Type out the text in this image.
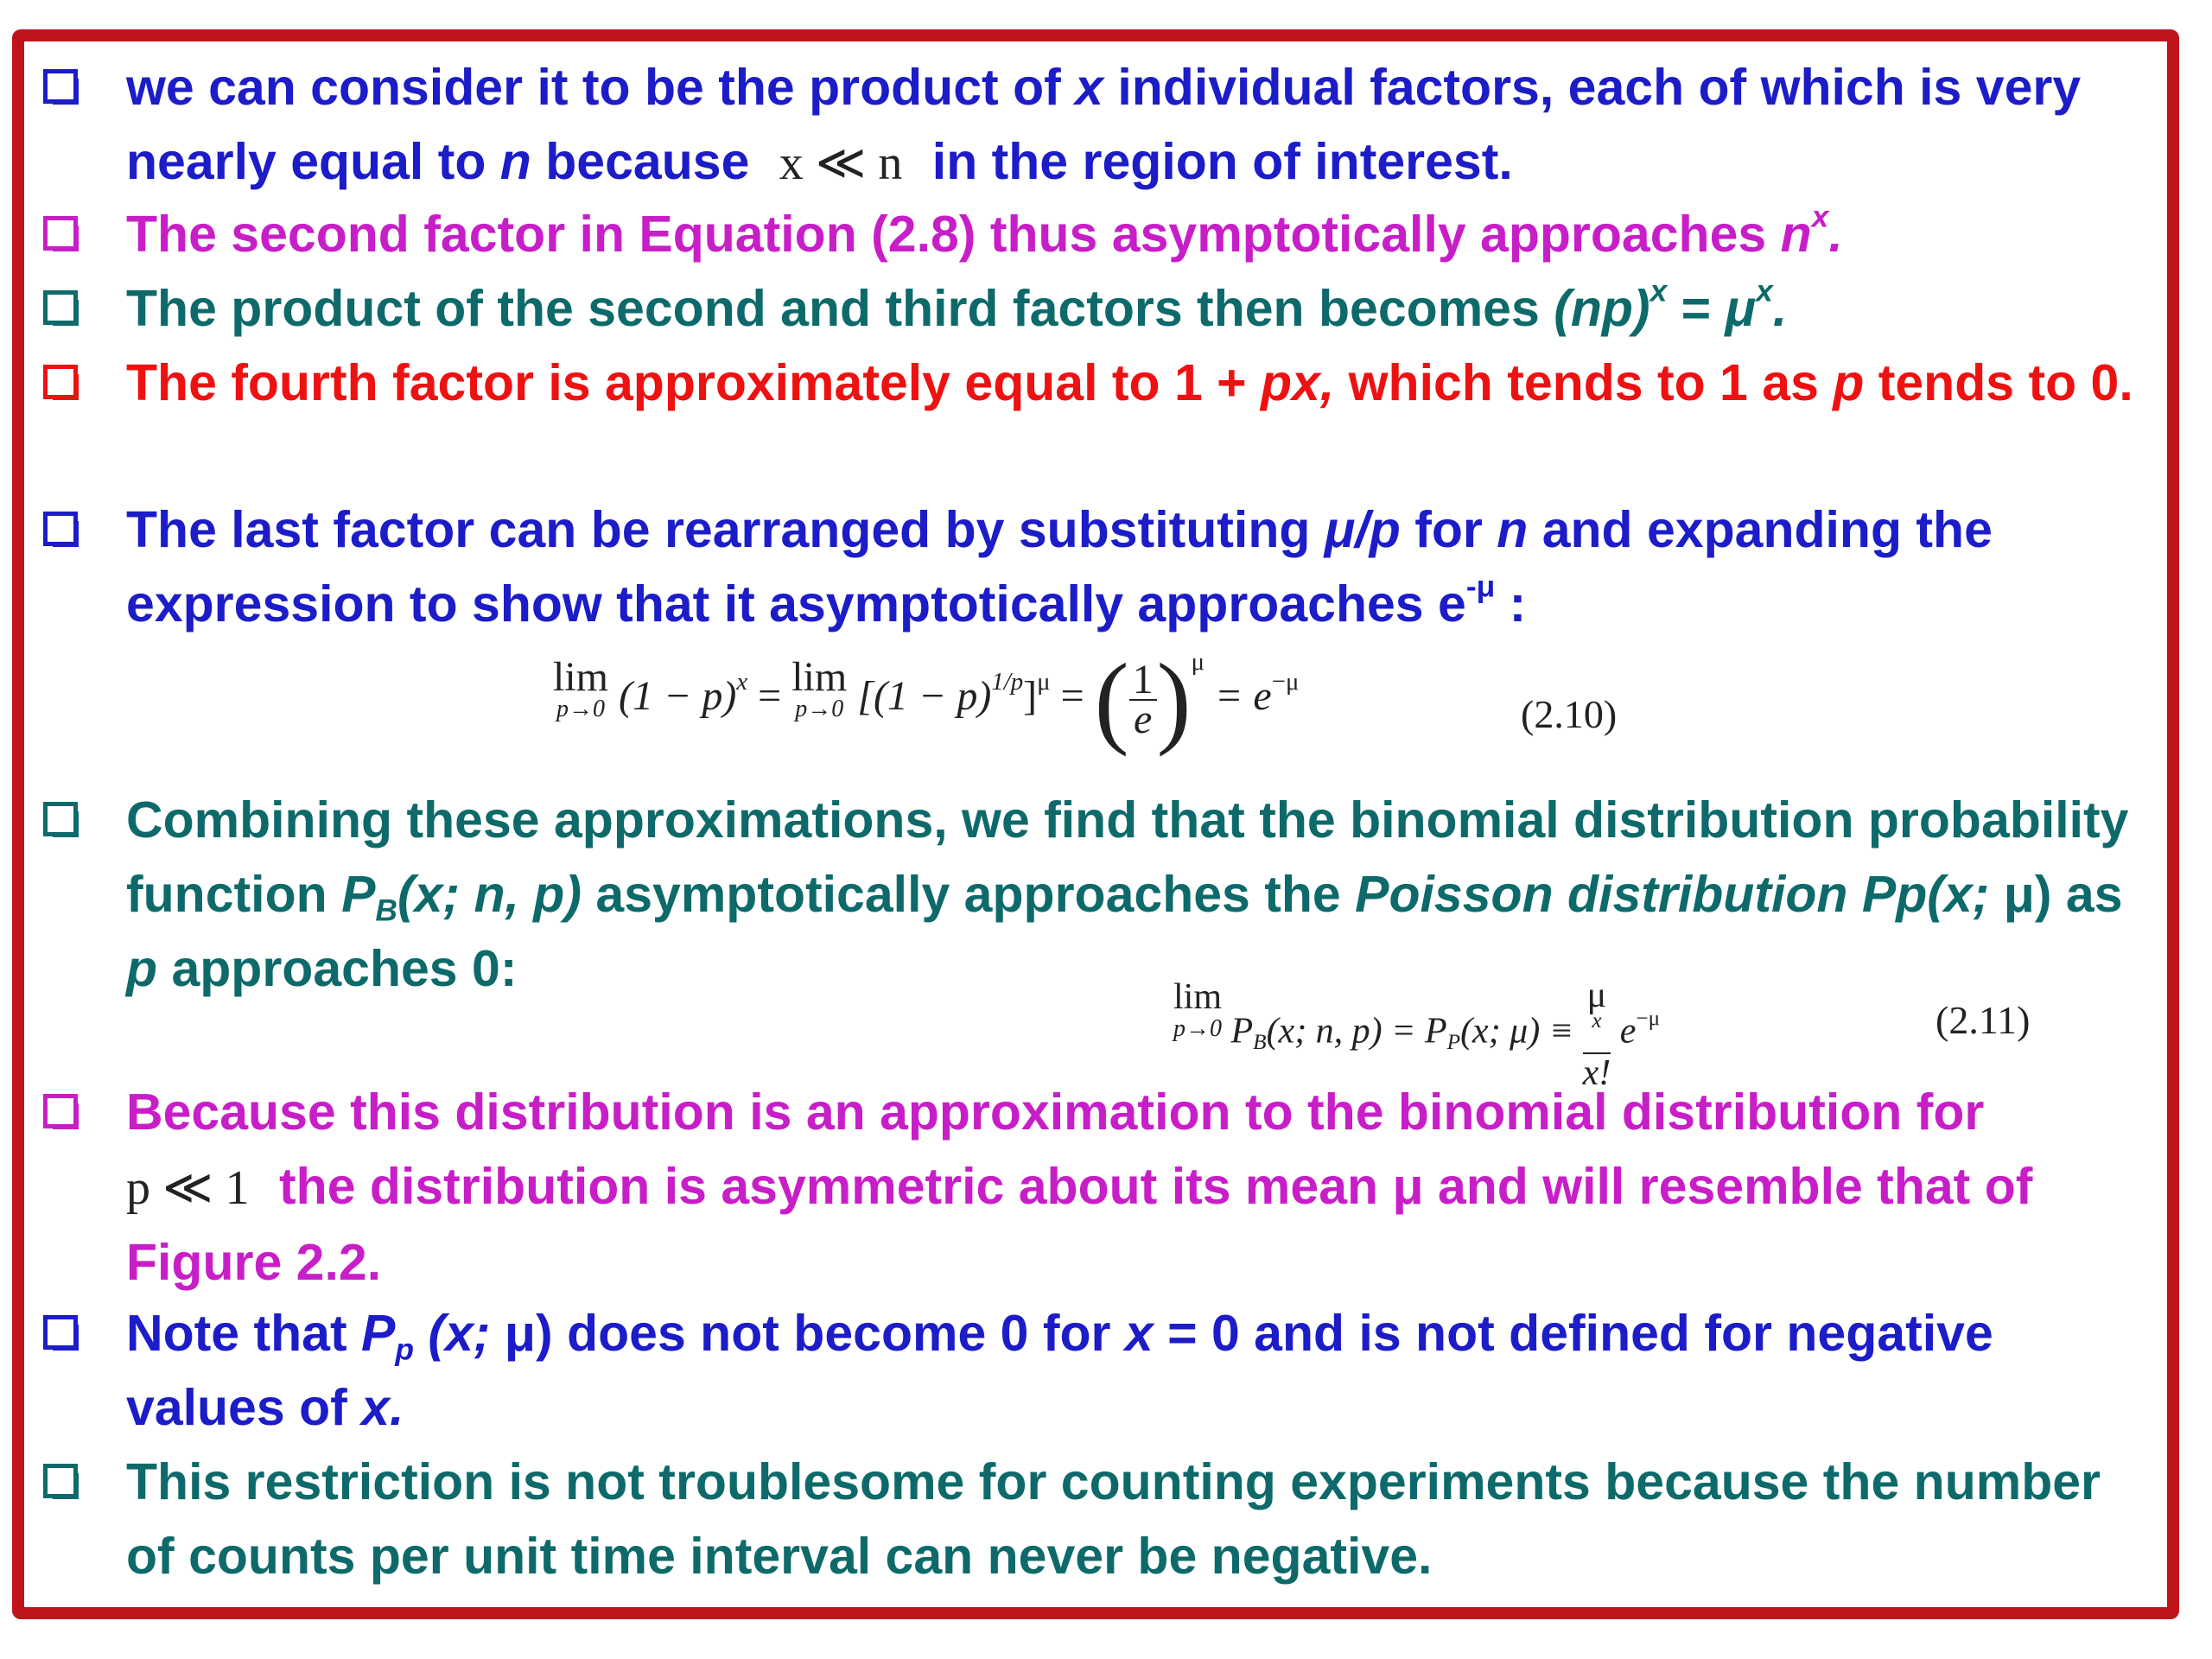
we can consider it to be the product of x individual factors, each of which is very nearly equal to n because x ≪ n in the region of interest.
The second factor in Equation (2.8) thus asymptotically approaches $n^x$.
The product of the second and third factors then becomes $(np)^x = \mu^x$.
The fourth factor is approximately equal to 1 + px, which tends to 1 as p tends to 0.
The last factor can be rearranged by substituting μ/p for n and expanding the expression to show that it asymptotically approaches $e^{-\mu}$ :
lim
p→0 $(1 - p)^x = \lim$
p→0 $[(1 - p)^{1/p}]^\mu$ = ( $\frac{1}{e} )^\mu = e^{-\mu}$
(2.10)
Combining these approximations, we find that the binomial distribution probability function $P_B(x$; n, p) asymptotically approaches the Poisson distribution Pp(x; μ) as p approaches 0:	lim
p→0 $P_B(x$; n, $p) = P_P(x$; μ) ≡ μ
$^x$
x! $e^{-\mu}$	(2.11)
Because this distribution is an approximation to the binomial distribution for
p ≪ 1 the distribution is asymmetric about its mean μ and will resemble that of Figure 2.2.
Note that $P_p$ (x; μ) does not become 0 for x = 0 and is not defined for negative values of x.
This restriction is not troublesome for counting experiments because the number of counts per unit time interval can never be negative.
